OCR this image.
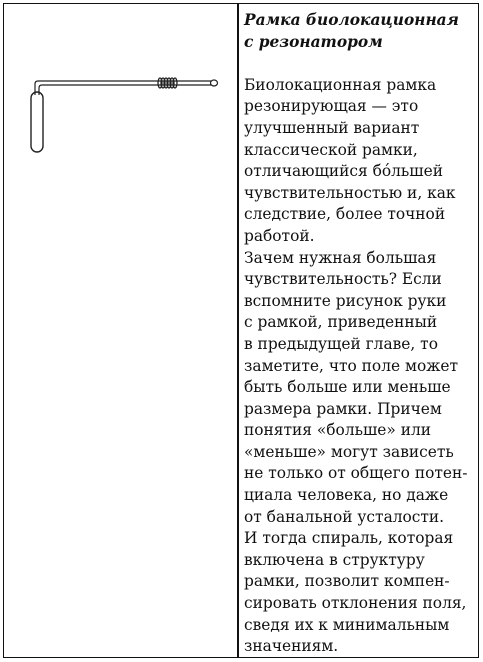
Рамка биолокационная
с резонатором

Биолокационная рамка
резонирующая — это
улучшенный вариант
классической рамки,
отличающийся бóльшей
чувствительностью и, как
следствие, более точной
работой.
Зачем нужная большая
чувствительность? Если
вспомните рисунок руки
с рамкой, приведенный
в предыдущей главе, то
заметите, что поле может
быть больше или меньше
размера рамки. Причем
понятия «больше» или
«меньше» могут зависеть
не только от общего потен-
циала человека, но даже
от банальной усталости.
И тогда спираль, которая
включена в структуру
рамки, позволит компен-
сировать отклонения поля,
сведя их к минимальным
значениям.
